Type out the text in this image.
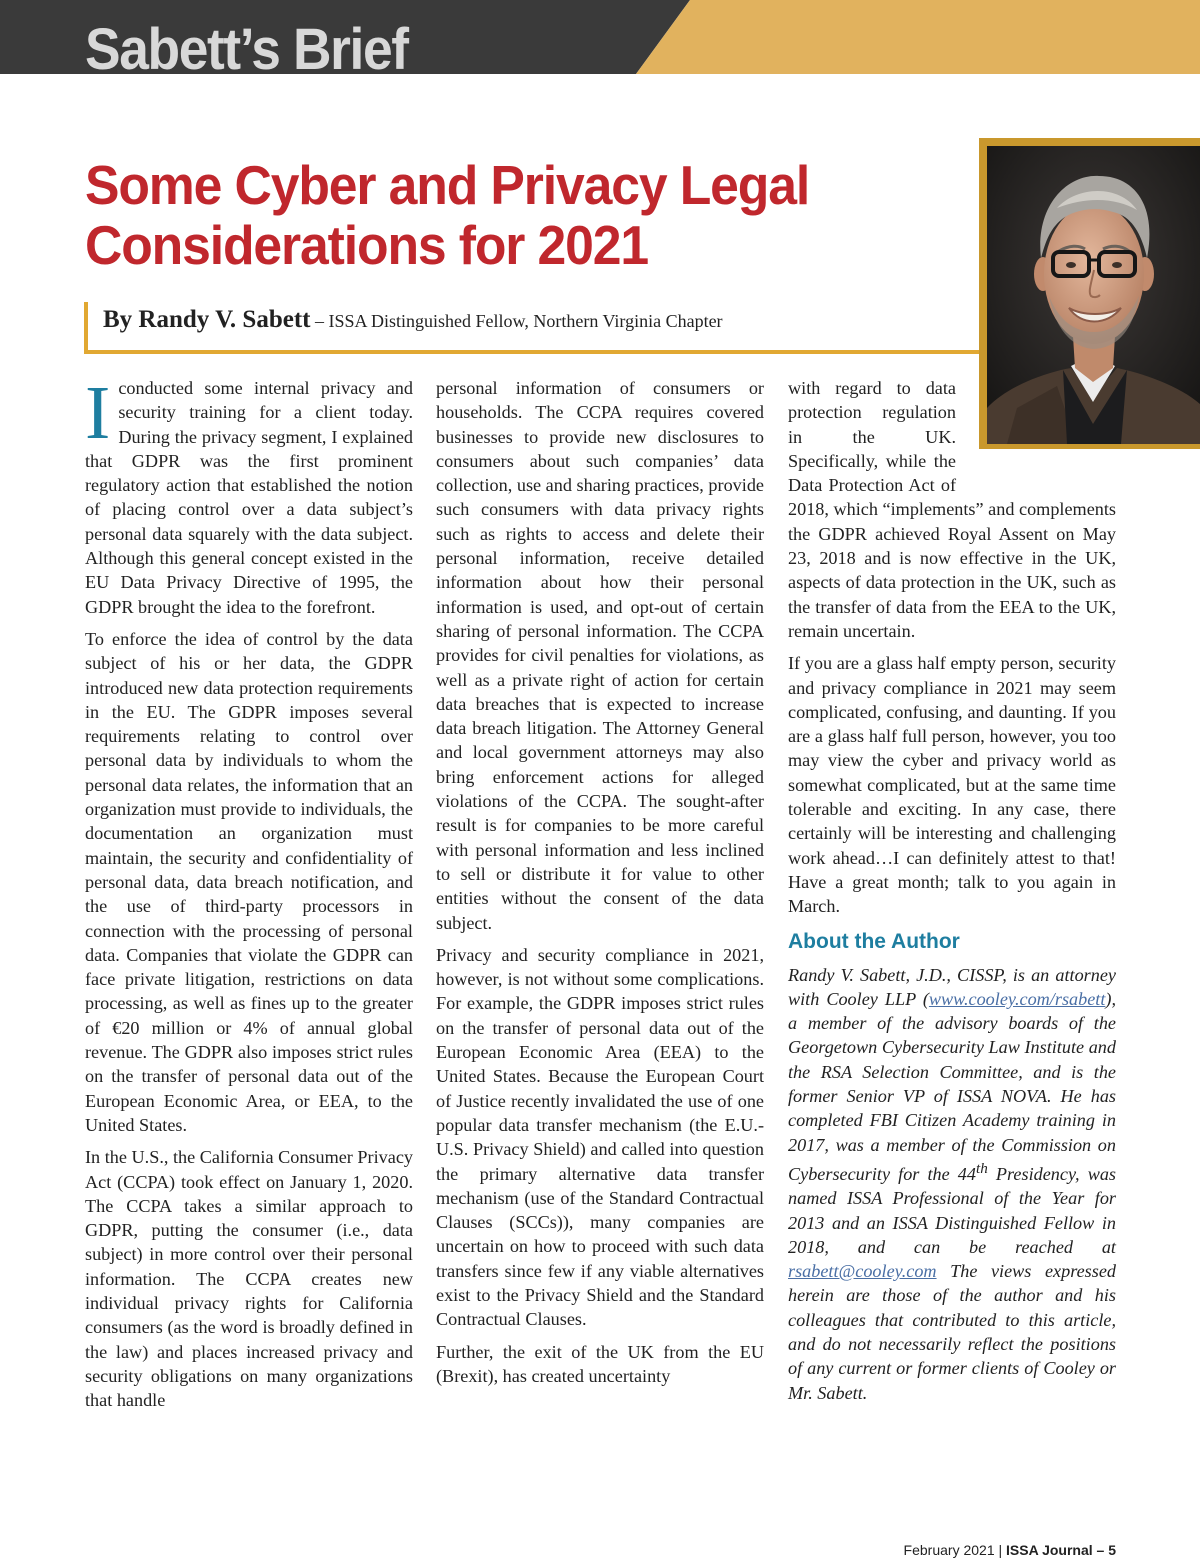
Sabett’s Brief
Some Cyber and Privacy Legal
Considerations for 2021
By Randy V. Sabett – ISSA Distinguished Fellow, Northern Virginia Chapter

Iconducted some internal privacy and security training for a client today. During the privacy segment, I explained that GDPR was the first prominent regulatory action that established the notion of placing control over a data subject’s personal data squarely with the data subject. Although this general concept existed in the EU Data Privacy Directive of 1995, the GDPR brought the idea to the forefront.

To enforce the idea of control by the data subject of his or her data, the GDPR introduced new data protection requirements in the EU. The GDPR imposes several requirements relating to control over personal data by individuals to whom the personal data relates, the information that an organization must provide to individuals, the documentation an organization must maintain, the security and confidentiality of personal data, data breach notification, and the use of third-party processors in connection with the processing of personal data. Companies that violate the GDPR can face private litigation, restrictions on data processing, as well as fines up to the greater of €20 million or 4% of annual global revenue. The GDPR also imposes strict rules on the transfer of personal data out of the European Economic Area, or EEA, to the United States.

In the U.S., the California Consumer Privacy Act (CCPA) took effect on January 1, 2020. The CCPA takes a similar approach to GDPR, putting the consumer (i.e., data subject) in more control over their personal information. The CCPA creates new individual privacy rights for California consumers (as the word is broadly defined in the law) and places increased privacy and security obligations on many organizations that handle

personal information of consumers or households. The CCPA requires covered businesses to provide new disclosures to consumers about such companies’ data collection, use and sharing practices, provide such consumers with data privacy rights such as rights to access and delete their personal information, receive detailed information about how their personal information is used, and opt-out of certain sharing of personal information. The CCPA provides for civil penalties for violations, as well as a private right of action for certain data breaches that is expected to increase data breach litigation. The Attorney General and local government attorneys may also bring enforcement actions for alleged violations of the CCPA. The sought-after result is for companies to be more careful with personal information and less inclined to sell or distribute it for value to other entities without the consent of the data subject.

Privacy and security compliance in 2021, however, is not without some complications. For example, the GDPR imposes strict rules on the transfer of personal data out of the European Economic Area (EEA) to the United States. Because the European Court of Justice recently invalidated the use of one popular data transfer mechanism (the E.U.-U.S. Privacy Shield) and called into question the primary alternative data transfer mechanism (use of the Standard Contractual Clauses (SCCs)), many companies are uncertain on how to proceed with such data transfers since few if any viable alternatives exist to the Privacy Shield and the Standard Contractual Clauses.

Further, the exit of the UK from the EU (Brexit), has created uncertainty

with regard to data protection regulation in the UK. Specifically, while the Data Protection Act of 2018, which “implements” and complements the GDPR achieved Royal Assent on May 23, 2018 and is now effective in the UK, aspects of data protection in the UK, such as the transfer of data from the EEA to the UK, remain uncertain.

If you are a glass half empty person, security and privacy compliance in 2021 may seem complicated, confusing, and daunting. If you are a glass half full person, however, you too may view the cyber and privacy world as somewhat complicated, but at the same time tolerable and exciting. In any case, there certainly will be interesting and challenging work ahead…I can definitely attest to that! Have a great month; talk to you again in March.

About the Author

Randy V. Sabett, J.D., CISSP, is an attorney with Cooley LLP (www.cooley.com/rsabett), a member of the advisory boards of the Georgetown Cybersecurity Law Institute and the RSA Selection Committee, and is the former Senior VP of ISSA NOVA. He has completed FBI Citizen Academy training in 2017, was a member of the Commission on Cybersecurity for the 44th Presidency, was named ISSA Professional of the Year for 2013 and an ISSA Distinguished Fellow in 2018, and can be reached at rsabett@cooley.com The views expressed herein are those of the author and his colleagues that contributed to this article, and do not necessarily reflect the positions of any current or former clients of Cooley or Mr. Sabett.

February 2021 | ISSA Journal – 5
